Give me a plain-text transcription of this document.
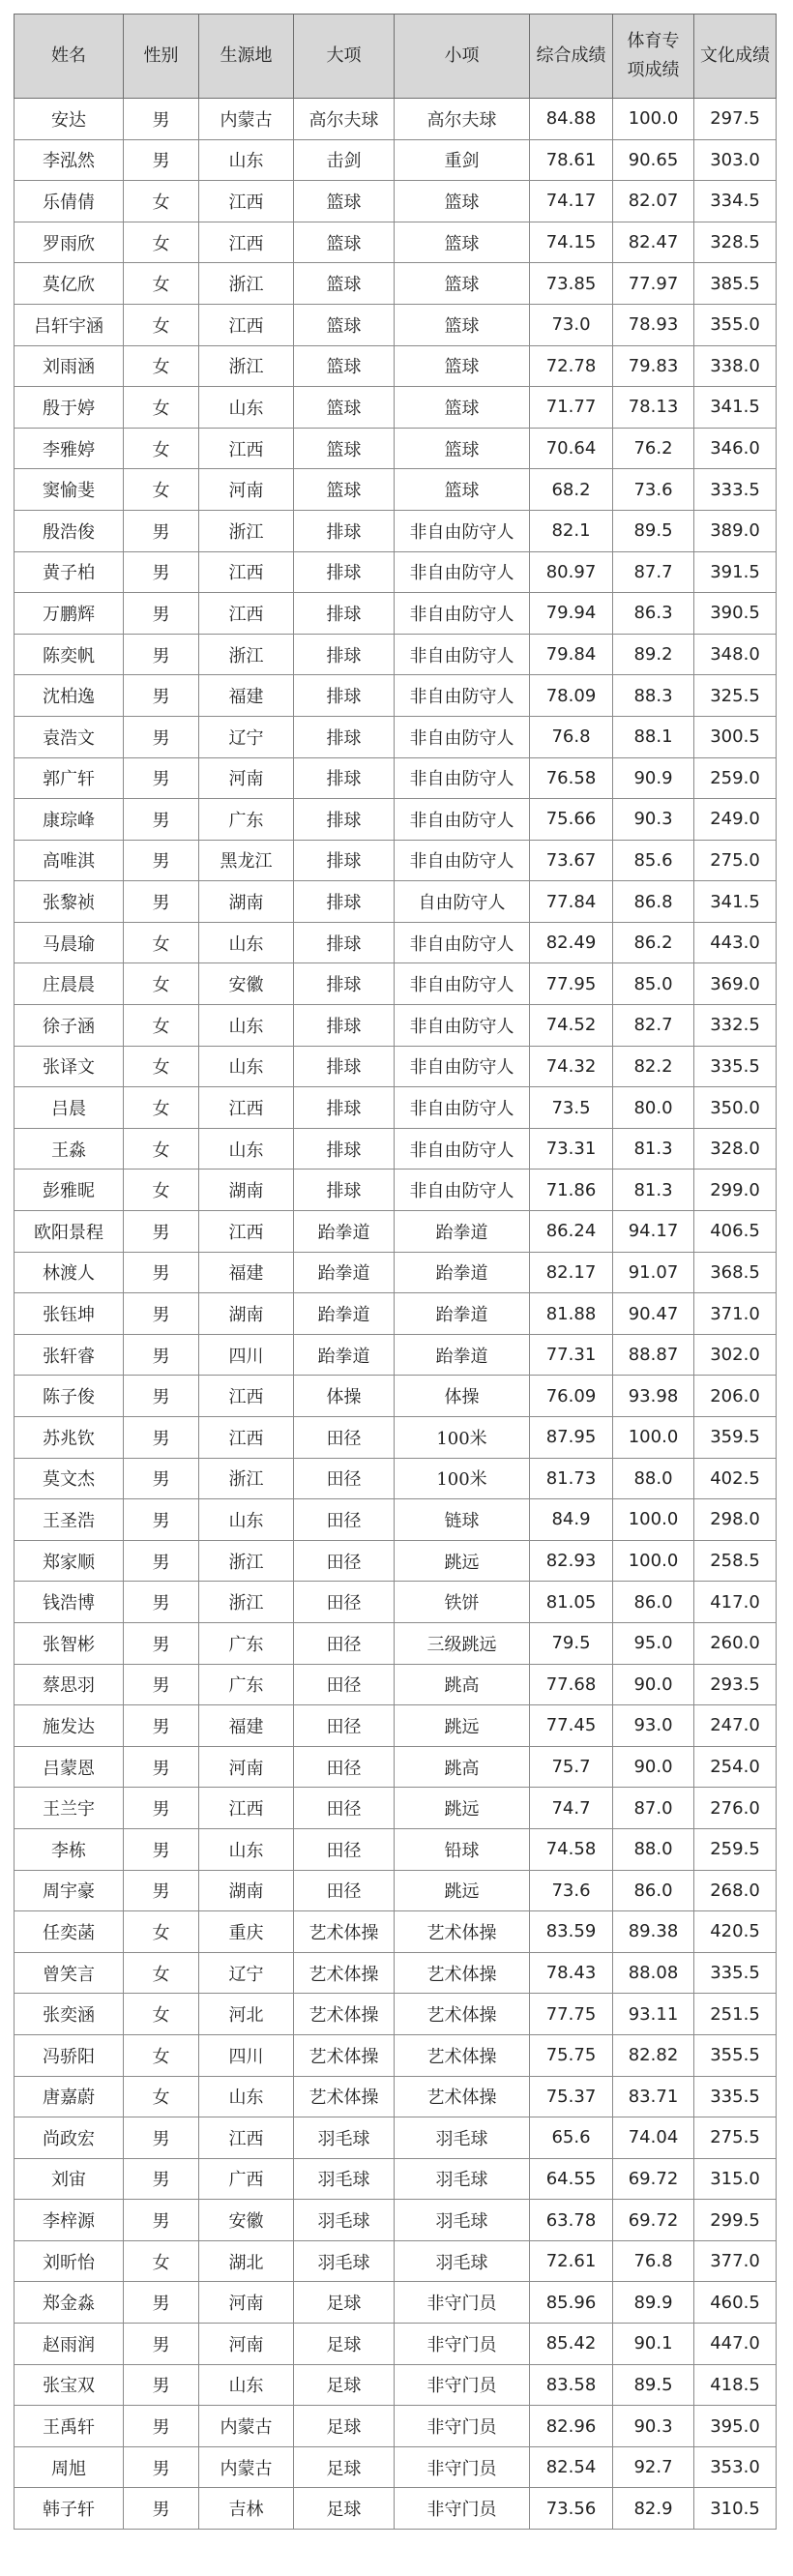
姓名	性别	生源地	大项	小项	综合成绩	体育专项成绩	文化成绩
安达	男	内蒙古	高尔夫球	高尔夫球	84.88	100.0	297.5
李泓然	男	山东	击剑	重剑	78.61	90.65	303.0
乐倩倩	女	江西	篮球	篮球	74.17	82.07	334.5
罗雨欣	女	江西	篮球	篮球	74.15	82.47	328.5
莫亿欣	女	浙江	篮球	篮球	73.85	77.97	385.5
吕轩宇涵	女	江西	篮球	篮球	73.0	78.93	355.0
刘雨涵	女	浙江	篮球	篮球	72.78	79.83	338.0
殷于婷	女	山东	篮球	篮球	71.77	78.13	341.5
李雅婷	女	江西	篮球	篮球	70.64	76.2	346.0
窦愉斐	女	河南	篮球	篮球	68.2	73.6	333.5
殷浩俊	男	浙江	排球	非自由防守人	82.1	89.5	389.0
黄子柏	男	江西	排球	非自由防守人	80.97	87.7	391.5
万鹏辉	男	江西	排球	非自由防守人	79.94	86.3	390.5
陈奕帆	男	浙江	排球	非自由防守人	79.84	89.2	348.0
沈柏逸	男	福建	排球	非自由防守人	78.09	88.3	325.5
袁浩文	男	辽宁	排球	非自由防守人	76.8	88.1	300.5
郭广轩	男	河南	排球	非自由防守人	76.58	90.9	259.0
康琮峰	男	广东	排球	非自由防守人	75.66	90.3	249.0
高唯淇	男	黑龙江	排球	非自由防守人	73.67	85.6	275.0
张黎祯	男	湖南	排球	自由防守人	77.84	86.8	341.5
马晨瑜	女	山东	排球	非自由防守人	82.49	86.2	443.0
庄晨晨	女	安徽	排球	非自由防守人	77.95	85.0	369.0
徐子涵	女	山东	排球	非自由防守人	74.52	82.7	332.5
张译文	女	山东	排球	非自由防守人	74.32	82.2	335.5
吕晨	女	江西	排球	非自由防守人	73.5	80.0	350.0
王淼	女	山东	排球	非自由防守人	73.31	81.3	328.0
彭雅昵	女	湖南	排球	非自由防守人	71.86	81.3	299.0
欧阳景程	男	江西	跆拳道	跆拳道	86.24	94.17	406.5
林渡人	男	福建	跆拳道	跆拳道	82.17	91.07	368.5
张钰坤	男	湖南	跆拳道	跆拳道	81.88	90.47	371.0
张轩睿	男	四川	跆拳道	跆拳道	77.31	88.87	302.0
陈子俊	男	江西	体操	体操	76.09	93.98	206.0
苏兆钦	男	江西	田径	100米	87.95	100.0	359.5
莫文杰	男	浙江	田径	100米	81.73	88.0	402.5
王圣浩	男	山东	田径	链球	84.9	100.0	298.0
郑家顺	男	浙江	田径	跳远	82.93	100.0	258.5
钱浩博	男	浙江	田径	铁饼	81.05	86.0	417.0
张智彬	男	广东	田径	三级跳远	79.5	95.0	260.0
蔡思羽	男	广东	田径	跳高	77.68	90.0	293.5
施发达	男	福建	田径	跳远	77.45	93.0	247.0
吕蒙恩	男	河南	田径	跳高	75.7	90.0	254.0
王兰宇	男	江西	田径	跳远	74.7	87.0	276.0
李栋	男	山东	田径	铅球	74.58	88.0	259.5
周宇豪	男	湖南	田径	跳远	73.6	86.0	268.0
任奕菡	女	重庆	艺术体操	艺术体操	83.59	89.38	420.5
曾笑言	女	辽宁	艺术体操	艺术体操	78.43	88.08	335.5
张奕涵	女	河北	艺术体操	艺术体操	77.75	93.11	251.5
冯骄阳	女	四川	艺术体操	艺术体操	75.75	82.82	355.5
唐嘉蔚	女	山东	艺术体操	艺术体操	75.37	83.71	335.5
尚政宏	男	江西	羽毛球	羽毛球	65.6	74.04	275.5
刘宙	男	广西	羽毛球	羽毛球	64.55	69.72	315.0
李梓源	男	安徽	羽毛球	羽毛球	63.78	69.72	299.5
刘昕怡	女	湖北	羽毛球	羽毛球	72.61	76.8	377.0
郑金淼	男	河南	足球	非守门员	85.96	89.9	460.5
赵雨润	男	河南	足球	非守门员	85.42	90.1	447.0
张宝双	男	山东	足球	非守门员	83.58	89.5	418.5
王禹轩	男	内蒙古	足球	非守门员	82.96	90.3	395.0
周旭	男	内蒙古	足球	非守门员	82.54	92.7	353.0
韩子轩	男	吉林	足球	非守门员	73.56	82.9	310.5
